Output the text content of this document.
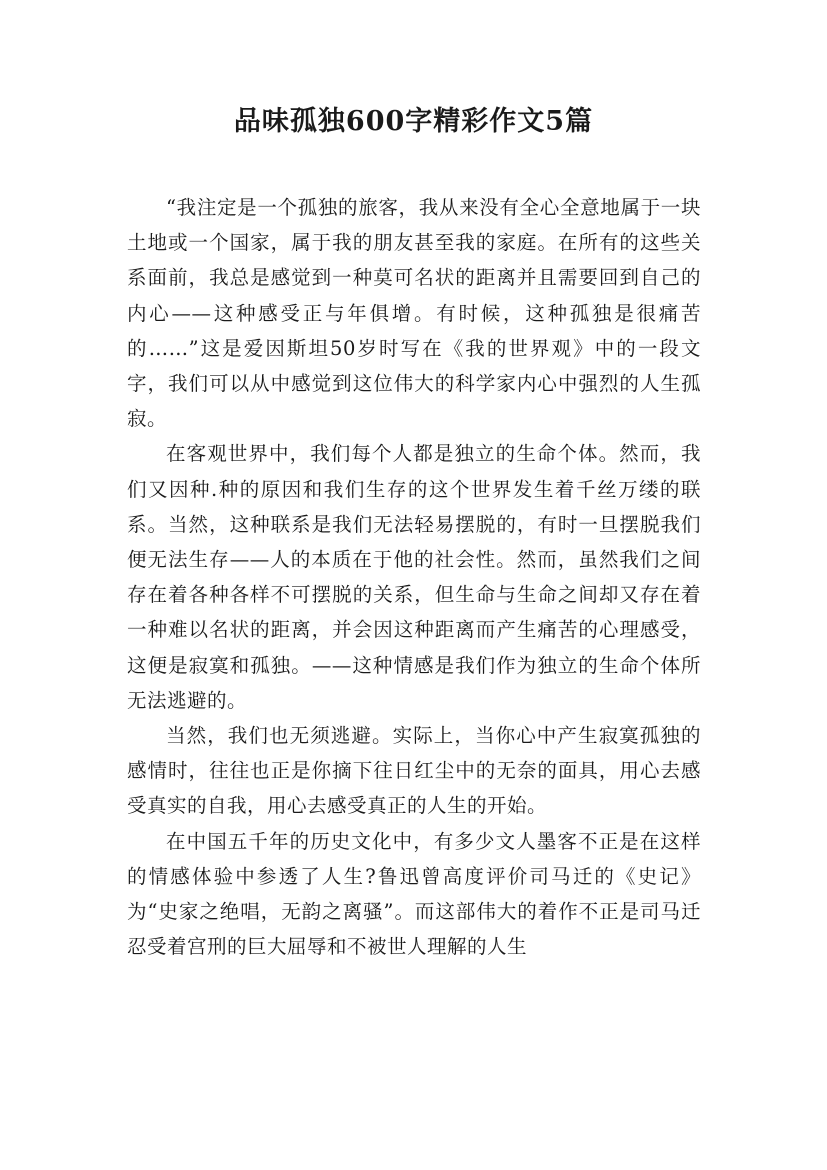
品味孤独600字精彩作文5篇

“我注定是一个孤独的旅客，我从来没有全心全意地属于一块土地或一个国家，属于我的朋友甚至我的家庭。在所有的这些关系面前，我总是感觉到一种莫可名状的距离并且需要回到自己的内心——这种感受正与年俱增。有时候，这种孤独是很痛苦的……”这是爱因斯坦50岁时写在《我的世界观》中的一段文字，我们可以从中感觉到这位伟大的科学家内心中强烈的人生孤寂。

在客观世界中，我们每个人都是独立的生命个体。然而，我们又因种.种的原因和我们生存的这个世界发生着千丝万缕的联系。当然，这种联系是我们无法轻易摆脱的，有时一旦摆脱我们便无法生存——人的本质在于他的社会性。然而，虽然我们之间存在着各种各样不可摆脱的关系，但生命与生命之间却又存在着一种难以名状的距离，并会因这种距离而产生痛苦的心理感受，这便是寂寞和孤独。——这种情感是我们作为独立的生命个体所无法逃避的。

当然，我们也无须逃避。实际上，当你心中产生寂寞孤独的感情时，往往也正是你摘下往日红尘中的无奈的面具，用心去感受真实的自我，用心去感受真正的人生的开始。

在中国五千年的历史文化中，有多少文人墨客不正是在这样的情感体验中参透了人生?鲁迅曾高度评价司马迁的《史记》为“史家之绝唱，无韵之离骚”。而这部伟大的着作不正是司马迁忍受着宫刑的巨大屈辱和不被世人理解的人生
